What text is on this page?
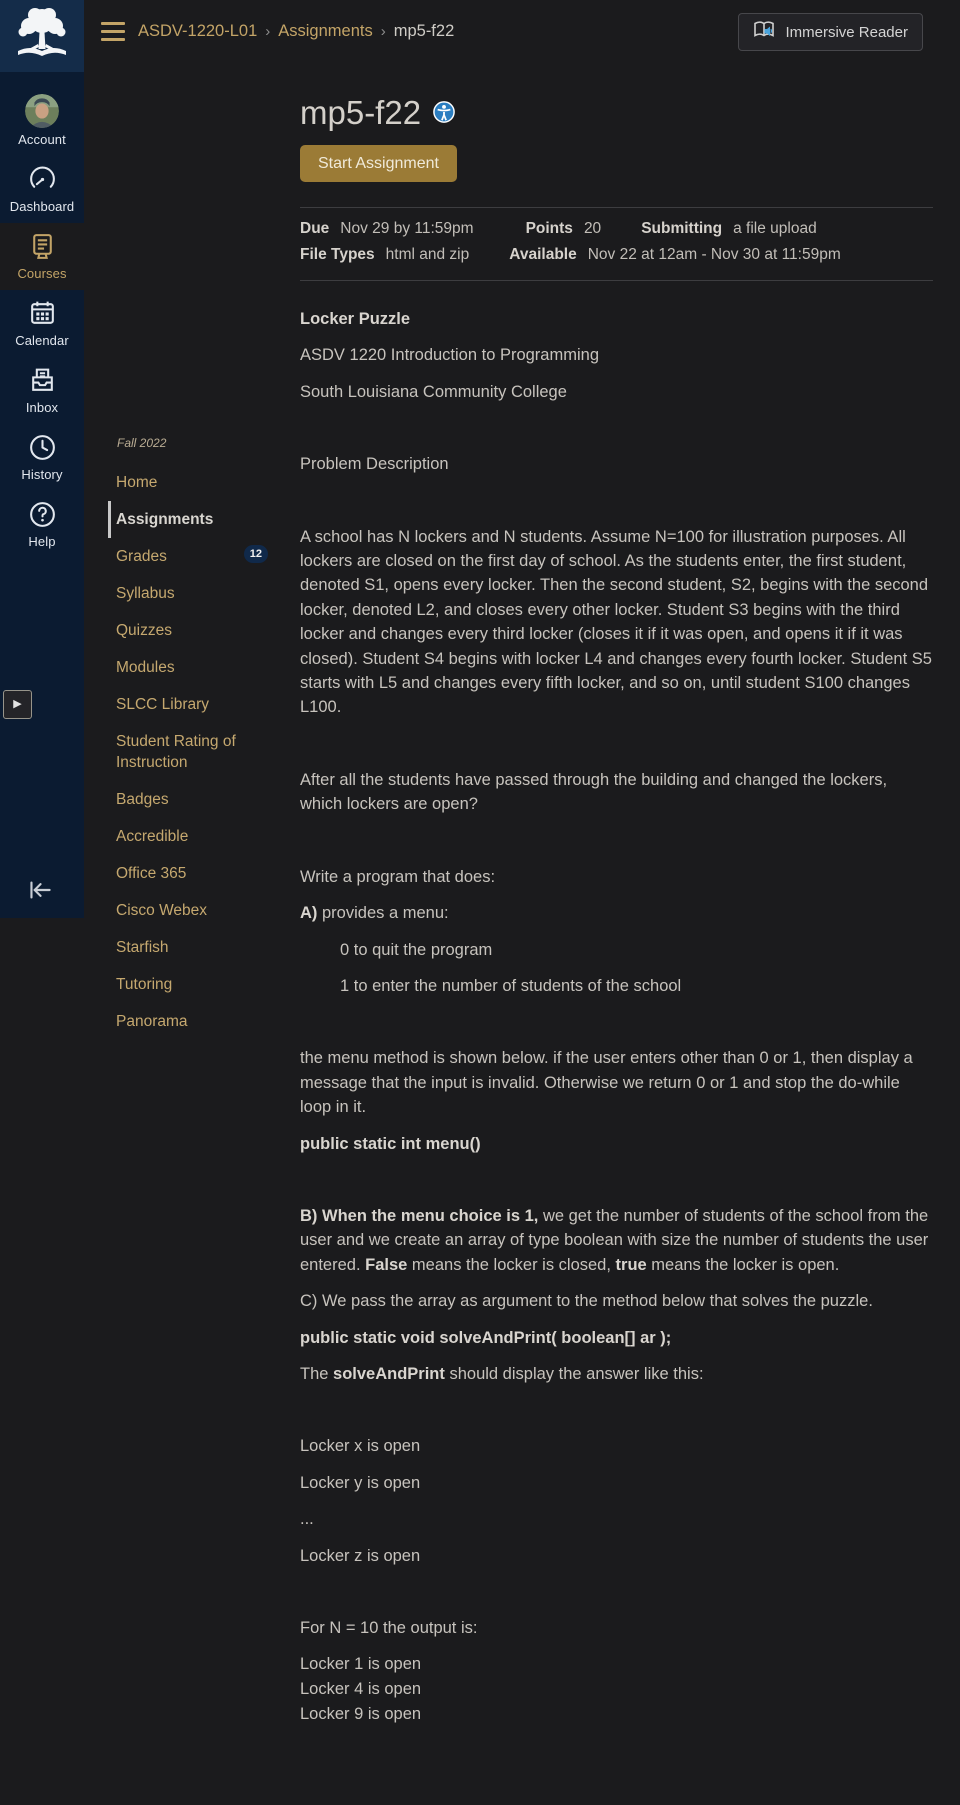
Account
Dashboard
Courses
Calendar
Inbox
History
Help
▶
ASDV-1220-L01 › Assignments › mp5-f22	Immersive Reader
Fall 2022
Home
Assignments
Grades	12
Syllabus
Quizzes
Modules
SLCC Library
Student Rating of Instruction
Badges
Accredible
Office 365
Cisco Webex
Starfish
Tutoring
Panorama
mp5-f22
Start Assignment
Due Nov 29 by 11:59pm	Points 20	Submitting a file upload
File Types html and zip	Available Nov 22 at 12am - Nov 30 at 11:59pm

Locker Puzzle

ASDV 1220 Introduction to Programming

South Louisiana Community College

Problem Description

A school has N lockers and N students. Assume N=100 for illustration purposes. All lockers are closed on the first day of school. As the students enter, the first student, denoted S1, opens every locker. Then the second student, S2, begins with the second locker, denoted L2, and closes every other locker. Student S3 begins with the third locker and changes every third locker (closes it if it was open, and opens it if it was closed). Student S4 begins with locker L4 and changes every fourth locker. Student S5 starts with L5 and changes every fifth locker, and so on, until student S100 changes L100.

After all the students have passed through the building and changed the lockers, which lockers are open?

Write a program that does:

A) provides a menu:

0 to quit the program

1 to enter the number of students of the school

the menu method is shown below. if the user enters other than 0 or 1, then display a message that the input is invalid. Otherwise we return 0 or 1 and stop the do-while loop in it.

public static int menu()

B) When the menu choice is 1, we get the number of students of the school from the user and we create an array of type boolean with size the number of students the user entered. False means the locker is closed, true means the locker is open.

C) We pass the array as argument to the method below that solves the puzzle.

public static void solveAndPrint( boolean[] ar );

The solveAndPrint should display the answer like this:

Locker x is open

Locker y is open

...

Locker z is open

For N = 10 the output is:

Locker 1 is open
Locker 4 is open
Locker 9 is open
